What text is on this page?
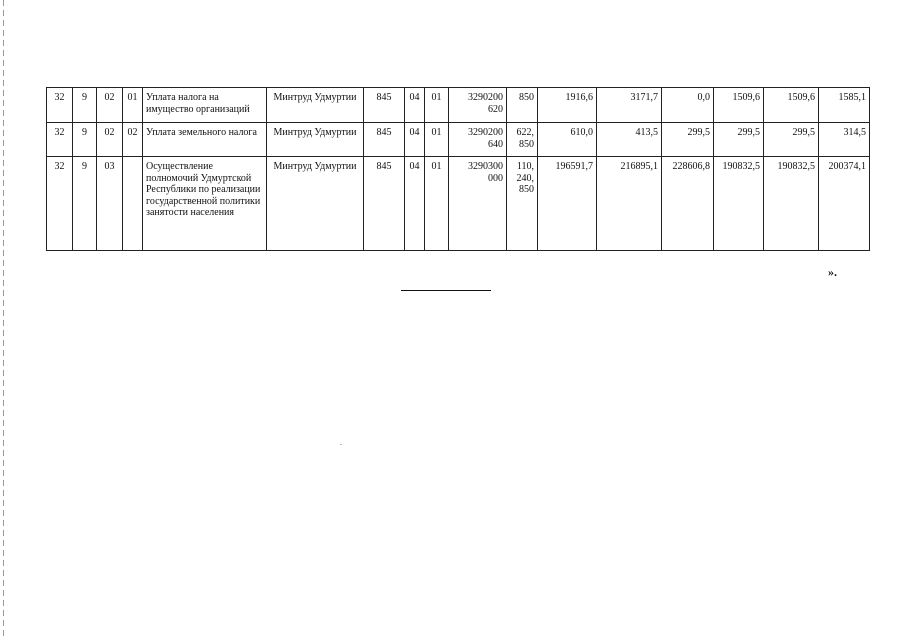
32	9	02	01	Уплата налога на имущество организаций	Минтруд Удмуртии	845	04	01	3290200 620	850	1916,6	3171,7	0,0	1509,6	1509,6	1585,1
32	9	02	02	Уплата земельного налога	Минтруд Удмуртии	845	04	01	3290200 640	622, 850	610,0	413,5	299,5	299,5	299,5	314,5
32	9	03		Осуществление полномочий Удмуртской Республики по реализации государственной политики занятости населения	Минтруд Удмуртии	845	04	01	3290300 000	110, 240, 850	196591,7	216895,1	228606,8	190832,5	190832,5	200374,1
».
